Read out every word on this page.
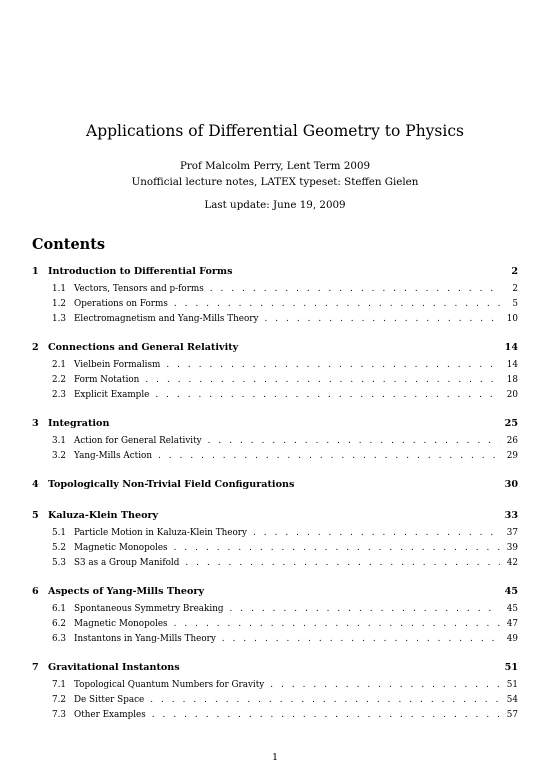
Applications of Differential Geometry to Physics
Prof Malcolm Perry, Lent Term 2009
Unofficial lecture notes, LATEX typeset: Steffen Gielen
Last update: June 19, 2009
Contents
1 Introduction to Differential Forms	2
1.1 Vectors, Tensors and p-forms . . .	2
1.2 Operations on Forms . . .	5
1.3 Electromagnetism and Yang-Mills Theory . . .	10
2 Connections and General Relativity	14
2.1 Vielbein Formalism . . .	14
2.2 Form Notation . . .	18
2.3 Explicit Example . . .	20
3 Integration	25
3.1 Action for General Relativity . . .	26
3.2 Yang-Mills Action . . .	29
4 Topologically Non-Trivial Field Configurations	30
5 Kaluza-Klein Theory	33
5.1 Particle Motion in Kaluza-Klein Theory . . .	37
5.2 Magnetic Monopoles . . .	39
5.3 S3 as a Group Manifold . . .	42
6 Aspects of Yang-Mills Theory	45
6.1 Spontaneous Symmetry Breaking . . .	45
6.2 Magnetic Monopoles . . .	47
6.3 Instantons in Yang-Mills Theory . . .	49
7 Gravitational Instantons	51
7.1 Topological Quantum Numbers for Gravity . . .	51
7.2 De Sitter Space . . .	54
7.3 Other Examples . . .	57
1
